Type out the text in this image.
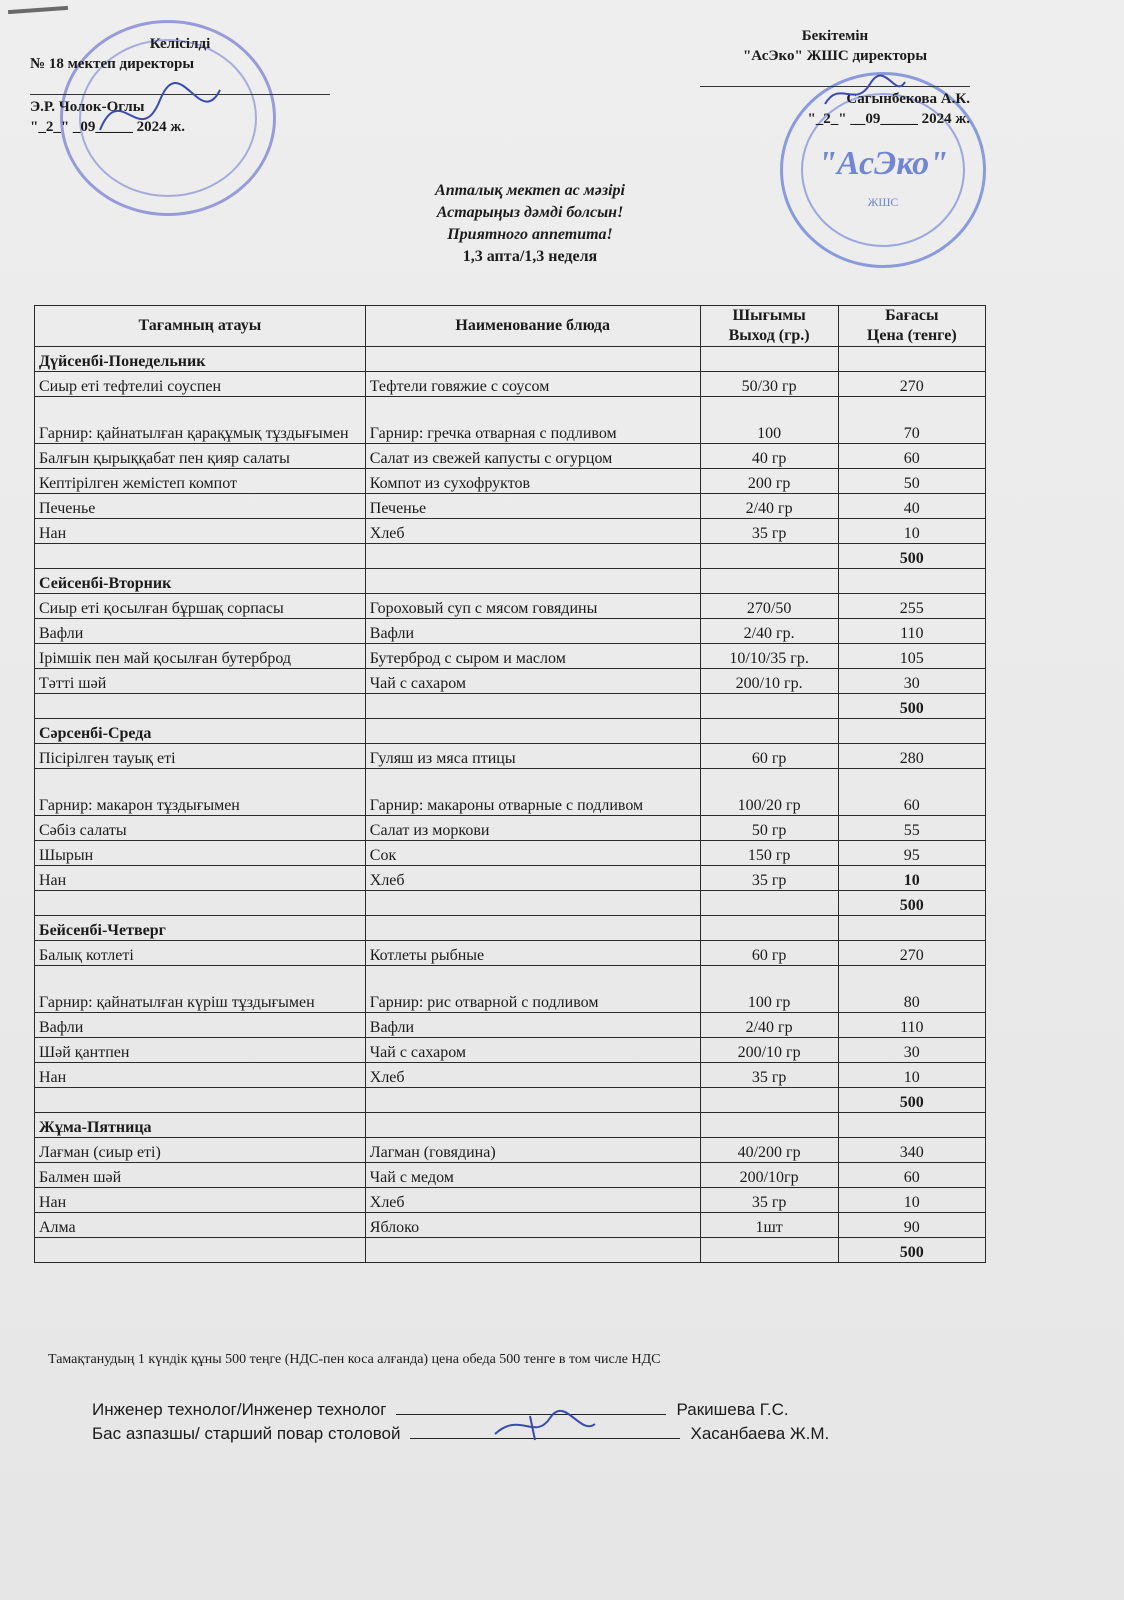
"АсЭко"
ЖШС
Келісілді
№ 18 мектеп директоры
Э.Р. Чолок-Оглы
"_2_" _09_____ 2024 ж.
Бекітемін
"АсЭко" ЖШС директоры
Сагынбекова А.К.
"_2_" __09_____ 2024 ж.
Апталық мектеп ас мәзірі
Астарыңыз дәмді болсын!
Приятного аппетита!
1,3 апта/1,3 неделя
Тағамның атауы	Наименование блюда	Шығымы	Бағасы
		Выход (гр.)	Цена (тенге)
Дүйсенбі-Понедельник			
Сиыр еті тефтелиі соуспен	Тефтели говяжие с соусом	50/30 гр	270
Гарнир: қайнатылған қарақұмық тұздығымен	Гарнир: гречка отварная с подливом	100	70
Балғын қырыққабат пен қияр салаты	Салат из свежей капусты с огурцом	40 гр	60
Кептірілген жемістеп компот	Компот из сухофруктов	200 гр	50
Печенье	Печенье	2/40 гр	40
Нан	Хлеб	35 гр	10
			500
Сейсенбі-Вторник			
Сиыр еті қосылған бұршақ сорпасы	Гороховый суп с мясом говядины	270/50	255
Вафли	Вафли	2/40 гр.	110
Ірімшік пен май қосылған бутерброд	Бутерброд с сыром и маслом	10/10/35 гр.	105
Тәтті шәй	Чай с сахаром	200/10 гр.	30
			500
Сәрсенбі-Среда			
Пісірілген тауық еті	Гуляш из мяса птицы	60 гр	280
Гарнир: макарон тұздығымен	Гарнир: макароны отварные с подливом	100/20 гр	60
Сәбіз салаты	Салат из моркови	50 гр	55
Шырын	Сок	150 гр	95
Нан	Хлеб	35 гр	10
			500
Бейсенбі-Четверг			
Балық котлеті	Котлеты рыбные	60 гр	270
Гарнир: қайнатылған күріш тұздығымен	Гарнир: рис отварной с подливом	100 гр	80
Вафли	Вафли	2/40 гр	110
Шәй қантпен	Чай с сахаром	200/10 гр	30
Нан	Хлеб	35 гр	10
			500
Жұма-Пятница			
Лағман (сиыр еті)	Лагман (говядина)	40/200 гр	340
Балмен шәй	Чай с медом	200/10гр	60
Нан	Хлеб	35 гр	10
Алма	Яблоко	1шт	90
			500
Тамақтанудың 1 күндік құны 500 теңге (НДС-пен коса алғанда) цена обеда 500 тенге в том числе НДС
Инженер технолог/Инженер технолог	Ракишева Г.С.
Бас азпазшы/ старший повар столовой	Хасанбаева Ж.М.
